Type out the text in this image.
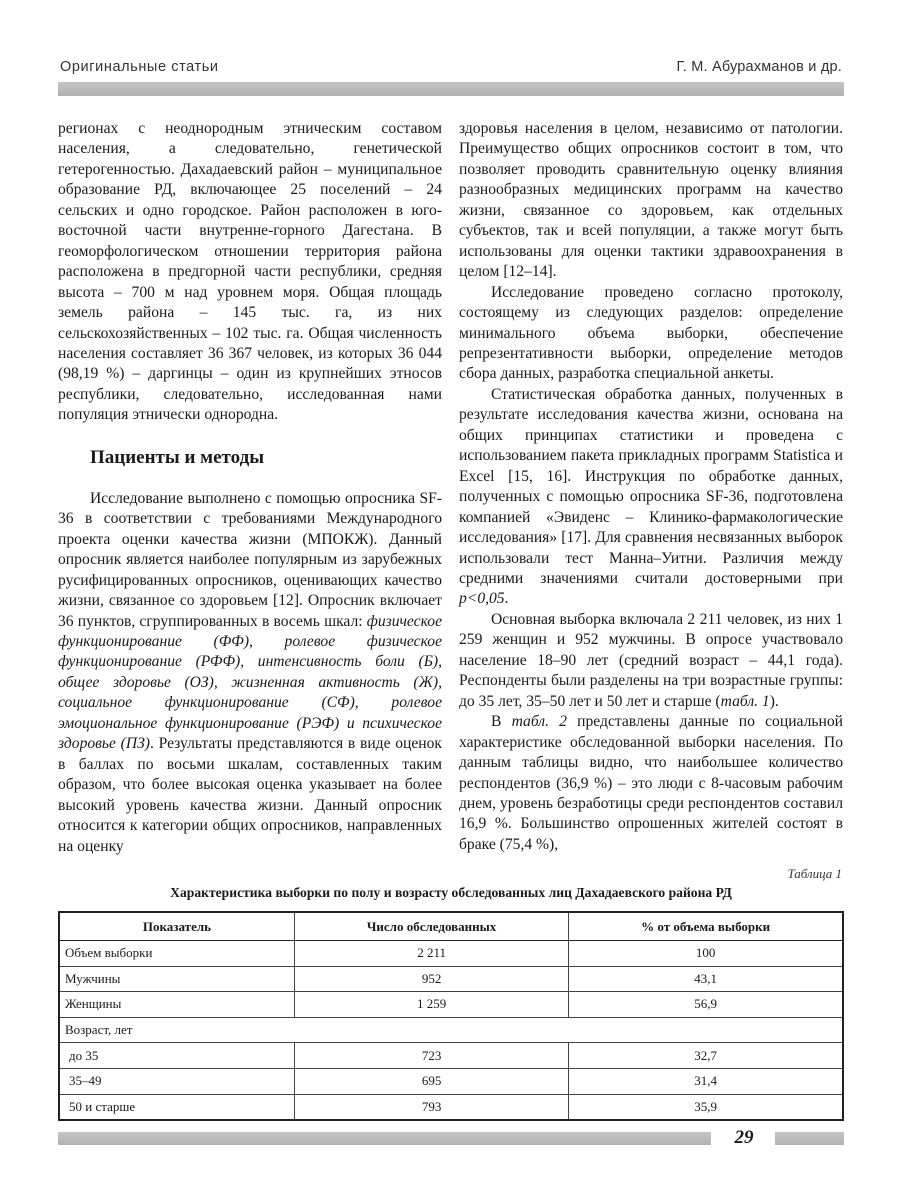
Оригинальные статьи	Г. М. Абурахманов и др.

регионах с неоднородным этническим составом населения, а следовательно, генетической гетерогенностью. Дахадаевский район – муниципальное образование РД, включающее 25 поселений – 24 сельских и одно городское. Район расположен в юго-восточной части внутренне-горного Дагестана. В геоморфологическом отношении территория района расположена в предгорной части республики, средняя высота – 700 м над уровнем моря. Общая площадь земель района – 145 тыс. га, из них сельскохозяйственных – 102 тыс. га. Общая численность населения составляет 36 367 человек, из которых 36 044 (98,19 %) – даргинцы – один из крупнейших этносов республики, следовательно, исследованная нами популяция этнически однородна.

Пациенты и методы

Исследование выполнено с помощью опросника SF-36 в соответствии с требованиями Международного проекта оценки качества жизни (МПОКЖ). Данный опросник является наиболее популярным из зарубежных русифицированных опросников, оценивающих качество жизни, связанное со здоровьем [12]. Опросник включает 36 пунктов, сгруппированных в восемь шкал: физическое функционирование (ФФ), ролевое физическое функционирование (РФФ), интенсивность боли (Б), общее здоровье (ОЗ), жизненная активность (Ж), социальное функционирование (СФ), ролевое эмоциональное функционирование (РЭФ) и психическое здоровье (ПЗ). Результаты представляются в виде оценок в баллах по восьми шкалам, составленных таким образом, что более высокая оценка указывает на более высокий уровень качества жизни. Данный опросник относится к категории общих опросников, направленных на оценку

здоровья населения в целом, независимо от патологии. Преимущество общих опросников состоит в том, что позволяет проводить сравнительную оценку влияния разнообразных медицинских программ на качество жизни, связанное со здоровьем, как отдельных субъектов, так и всей популяции, а также могут быть использованы для оценки тактики здравоохранения в целом [12–14].

Исследование проведено согласно протоколу, состоящему из следующих разделов: определение минимального объема выборки, обеспечение репрезентативности выборки, определение методов сбора данных, разработка специальной анкеты.

Статистическая обработка данных, полученных в результате исследования качества жизни, основана на общих принципах статистики и проведена с использованием пакета прикладных программ Statistica и Excel [15, 16]. Инструкция по обработке данных, полученных с помощью опросника SF-36, подготовлена компанией «Эвиденс – Клинико-фармакологические исследования» [17]. Для сравнения несвязанных выборок использовали тест Манна–Уитни. Различия между средними значениями считали достоверными при p<0,05.

Основная выборка включала 2 211 человек, из них 1 259 женщин и 952 мужчины. В опросе участвовало население 18–90 лет (средний возраст – 44,1 года). Респонденты были разделены на три возрастные группы: до 35 лет, 35–50 лет и 50 лет и старше (табл. 1).

В табл. 2 представлены данные по социальной характеристике обследованной выборки населения. По данным таблицы видно, что наибольшее количество респондентов (36,9 %) – это люди с 8-часовым рабочим днем, уровень безработицы среди респондентов составил 16,9 %. Большинство опрошенных жителей состоят в браке (75,4 %),

Таблица 1
Характеристика выборки по полу и возрасту обследованных лиц Дахадаевского района РД
Показатель	Число обследованных	% от объема выборки
Объем выборки	2 211	100
Мужчины	952	43,1
Женщины	1 259	56,9
Возраст, лет		
до 35	723	32,7
35–49	695	31,4
50 и старше	793	35,9
29
